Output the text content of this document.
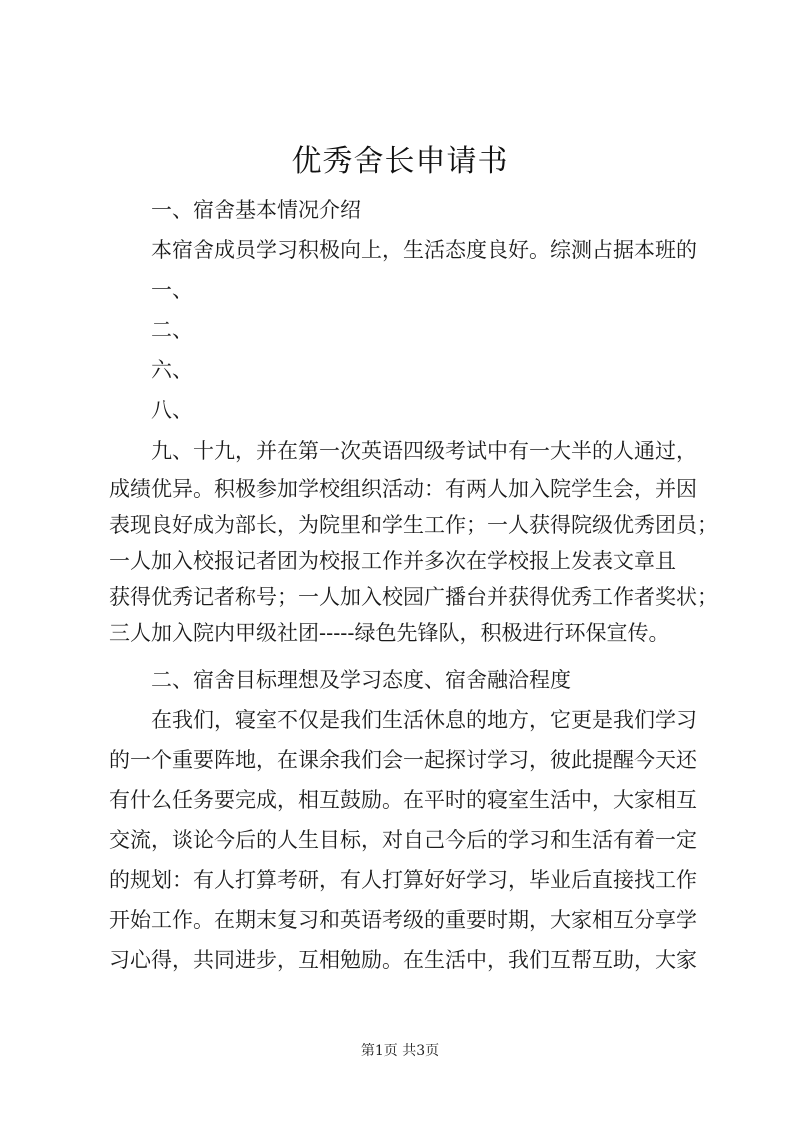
优秀舍长申请书
一、宿舍基本情况介绍
本宿舍成员学习积极向上，生活态度良好。综测占据本班的
一、
二、
六、
八、
九、十九，并在第一次英语四级考试中有一大半的人通过，
成绩优异。积极参加学校组织活动：有两人加入院学生会，并因
表现良好成为部长，为院里和学生工作；一人获得院级优秀团员；
一人加入校报记者团为校报工作并多次在学校报上发表文章且
获得优秀记者称号；一人加入校园广播台并获得优秀工作者奖状；
三人加入院内甲级社团-----绿色先锋队，积极进行环保宣传。
二、宿舍目标理想及学习态度、宿舍融洽程度
在我们，寝室不仅是我们生活休息的地方，它更是我们学习
的一个重要阵地，在课余我们会一起探讨学习，彼此提醒今天还
有什么任务要完成，相互鼓励。在平时的寝室生活中，大家相互
交流，谈论今后的人生目标，对自己今后的学习和生活有着一定
的规划：有人打算考研，有人打算好好学习，毕业后直接找工作
开始工作。在期末复习和英语考级的重要时期，大家相互分享学
习心得，共同进步，互相勉励。在生活中，我们互帮互助，大家
第1页 共3页
